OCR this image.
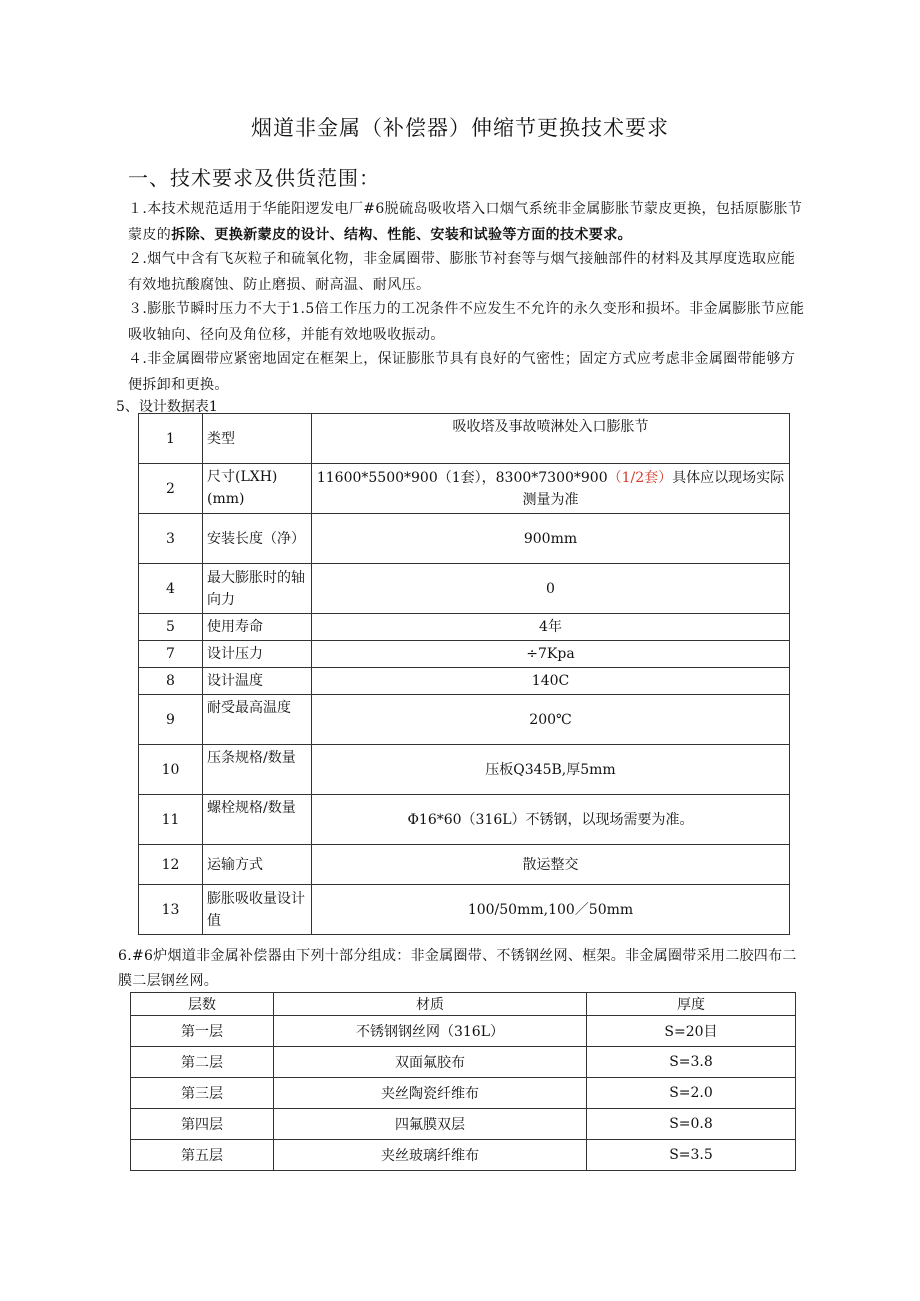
烟道非金属（补偿器）伸缩节更换技术要求
一、技术要求及供货范围：
１.本技术规范适用于华能阳逻发电厂#6脱硫岛吸收塔入口烟气系统非金属膨胀节蒙皮更换，包括原膨胀节蒙皮的拆除、更换新蒙皮的设计、结构、性能、安装和试验等方面的技术要求。
２.烟气中含有飞灰粒子和硫氧化物，非金属圈带、膨胀节衬套等与烟气接触部件的材料及其厚度选取应能有效地抗酸腐蚀、防止磨损、耐高温、耐风压。
３.膨胀节瞬时压力不大于1.5倍工作压力的工况条件不应发生不允许的永久变形和损坏。非金属膨胀节应能吸收轴向、径向及角位移，并能有效地吸收振动。
４.非金属圈带应紧密地固定在框架上，保证膨胀节具有良好的气密性；固定方式应考虑非金属圈带能够方便拆卸和更换。
5、设计数据表1
1	类型	吸收塔及事故喷淋处入口膨胀节
2	尺寸(LXH)(mm)	11600*5500*900（1套），8300*7300*900（1/2套）具体应以现场实际测量为准
3	安装长度（净）	900mm
4	最大膨胀时的轴向力	0
5	使用寿命	4年
7	设计压力	÷7Kpa
8	设计温度	140C
9	耐受最高温度	200℃
10	压条规格/数量	压板Q345B,厚5mm
11	螺栓规格/数量	Φ16*60（316L）不锈钢，以现场需要为准。
12	运输方式	散运整交
13	膨胀吸收量设计值	100/50mm,100／50mm
6.#6炉烟道非金属补偿器由下列十部分组成：非金属圈带、不锈钢丝网、框架。非金属圈带采用二胶四布二膜二层钢丝网。
层数	材质	厚度
第一层	不锈钢钢丝网（316L）	S=20目
第二层	双面氟胶布	S=3.8
第三层	夹丝陶瓷纤维布	S=2.0
第四层	四氟膜双层	S=0.8
第五层	夹丝玻璃纤维布	S=3.5
